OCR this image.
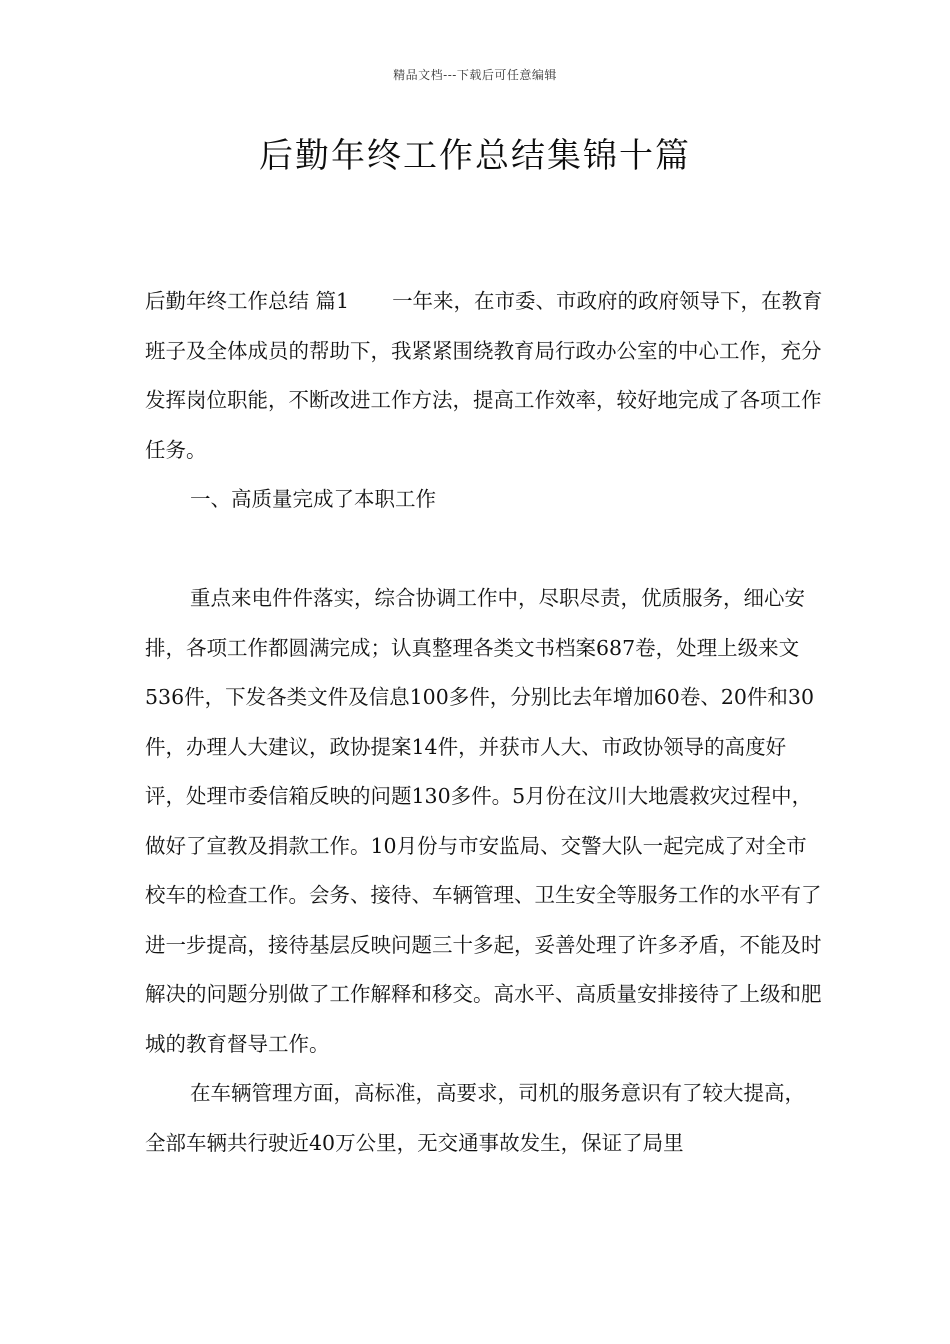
精品文档---下载后可任意编辑
后勤年终工作总结集锦十篇

后勤年终工作总结 篇1 一年来，在市委、市政府的政府领导下，在教育班子及全体成员的帮助下，我紧紧围绕教育局行政办公室的中心工作，充分发挥岗位职能，不断改进工作方法，提高工作效率，较好地完成了各项工作任务。

一、高质量完成了本职工作

重点来电件件落实，综合协调工作中，尽职尽责，优质服务，细心安排，各项工作都圆满完成；认真整理各类文书档案687卷，处理上级来文536件，下发各类文件及信息100多件，分别比去年增加60卷、20件和30件，办理人大建议，政协提案14件，并获市人大、市政协领导的高度好评，处理市委信箱反映的问题130多件。5月份在汶川大地震救灾过程中，做好了宣教及捐款工作。10月份与市安监局、交警大队一起完成了对全市校车的检查工作。会务、接待、车辆管理、卫生安全等服务工作的水平有了进一步提高，接待基层反映问题三十多起，妥善处理了许多矛盾，不能及时解决的问题分别做了工作解释和移交。高水平、高质量安排接待了上级和肥城的教育督导工作。

在车辆管理方面，高标准，高要求，司机的服务意识有了较大提高，全部车辆共行驶近40万公里，无交通事故发生，保证了局里
